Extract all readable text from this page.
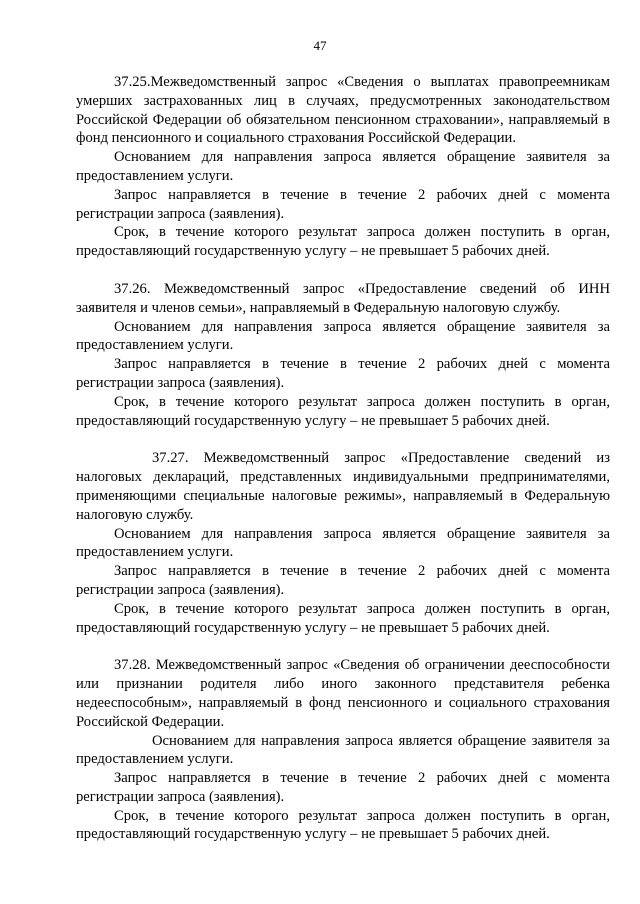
47

37.25.Межведомственный запрос «Сведения о выплатах правопреемникам умерших застрахованных лиц в случаях, предусмотренных законодательством Российской Федерации об обязательном пенсионном страховании», направляемый в фонд пенсионного и социального страхования Российской Федерации.

Основанием для направления запроса является обращение заявителя за предоставлением услуги.

Запрос направляется в течение в течение 2 рабочих дней с момента регистрации запроса (заявления).

Срок, в течение которого результат запроса должен поступить в орган, предоставляющий государственную услугу – не превышает 5 рабочих дней.

37.26. Межведомственный запрос «Предоставление сведений об ИНН заявителя и членов семьи», направляемый в Федеральную налоговую службу.

Основанием для направления запроса является обращение заявителя за предоставлением услуги.

Запрос направляется в течение в течение 2 рабочих дней с момента регистрации запроса (заявления).

Срок, в течение которого результат запроса должен поступить в орган, предоставляющий государственную услугу – не превышает 5 рабочих дней.

37.27. Межведомственный запрос «Предоставление сведений из налоговых деклараций, представленных индивидуальными предпринимателями, применяющими специальные налоговые режимы», направляемый в Федеральную налоговую службу.

Основанием для направления запроса является обращение заявителя за предоставлением услуги.

Запрос направляется в течение в течение 2 рабочих дней с момента регистрации запроса (заявления).

Срок, в течение которого результат запроса должен поступить в орган, предоставляющий государственную услугу – не превышает 5 рабочих дней.

37.28. Межведомственный запрос «Сведения об ограничении дееспособности или признании родителя либо иного законного представителя ребенка недееспособным», направляемый в фонд пенсионного и социального страхования Российской Федерации.

Основанием для направления запроса является обращение заявителя за предоставлением услуги.

Запрос направляется в течение в течение 2 рабочих дней с момента регистрации запроса (заявления).

Срок, в течение которого результат запроса должен поступить в орган, предоставляющий государственную услугу – не превышает 5 рабочих дней.
